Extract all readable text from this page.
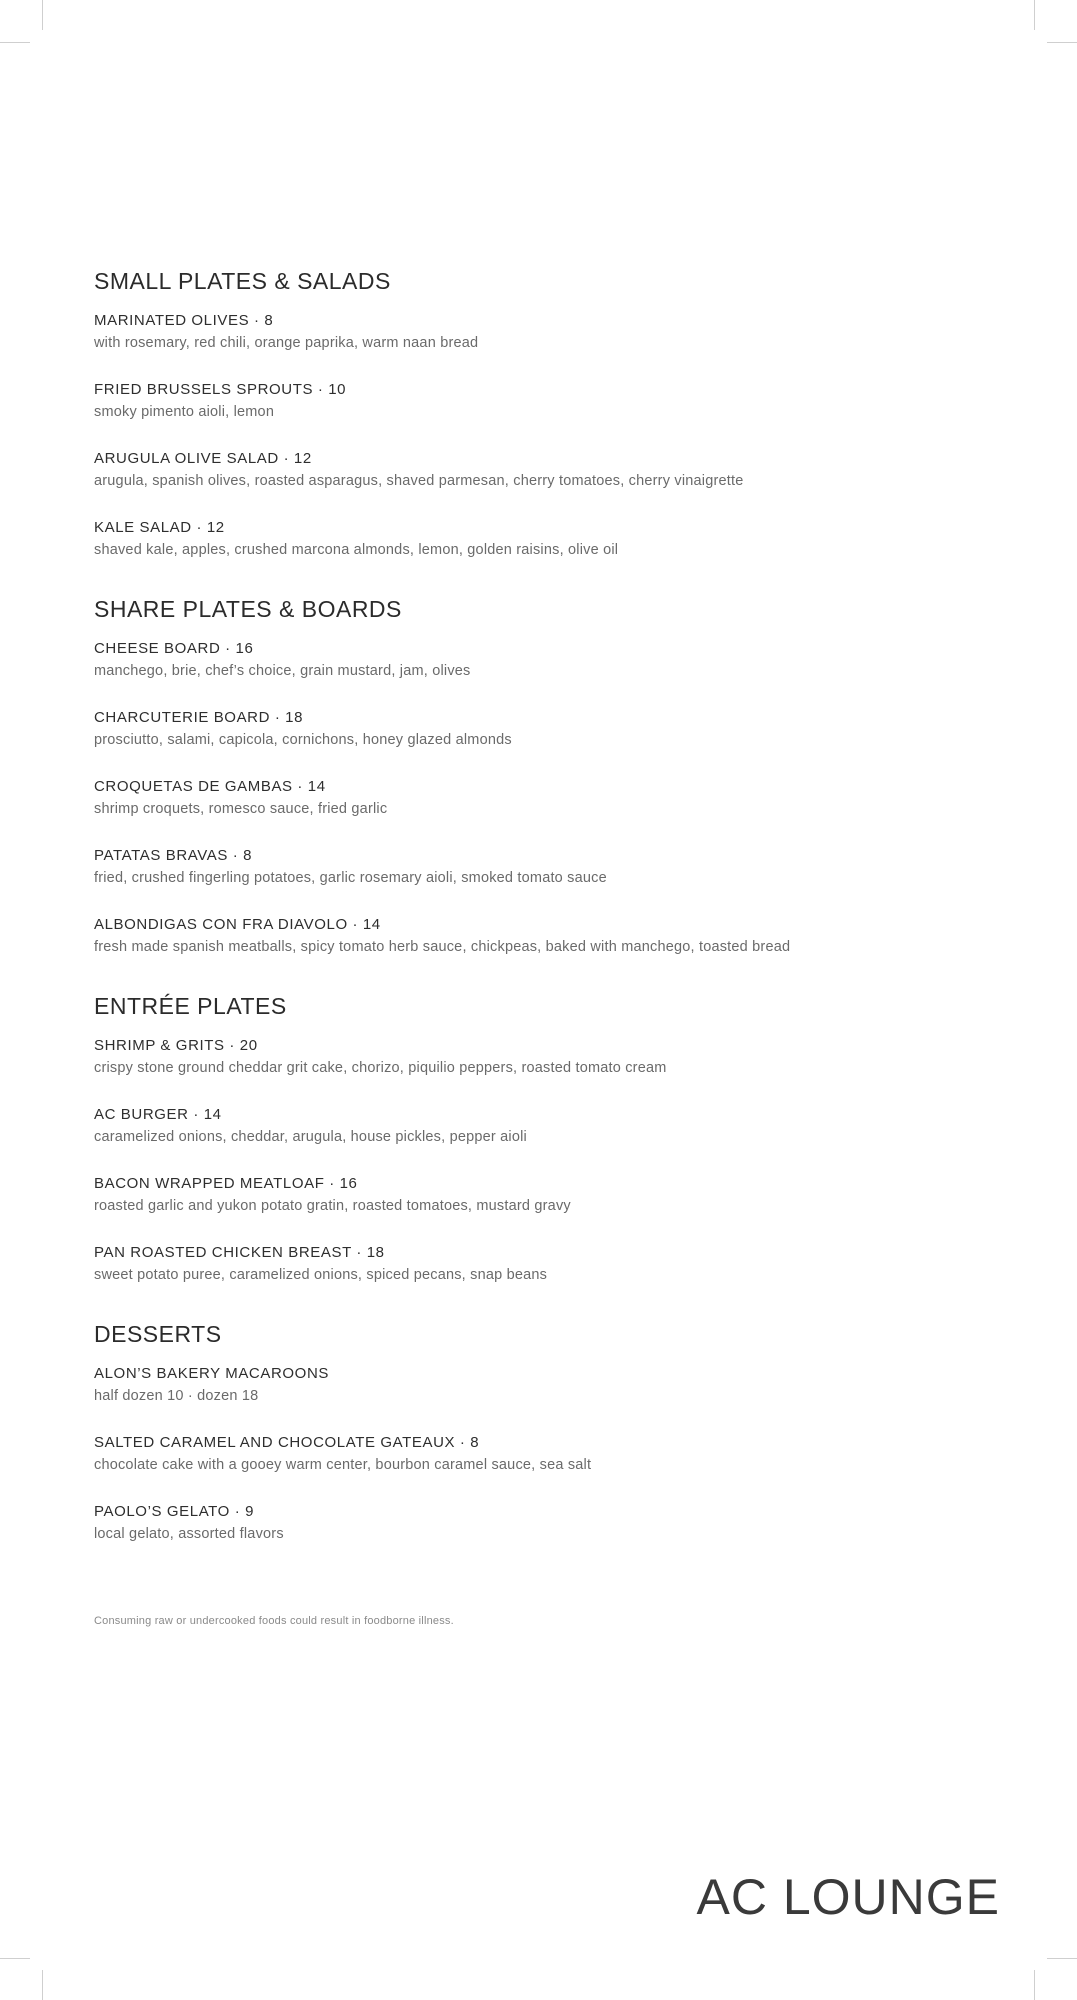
SMALL PLATES & SALADS
MARINATED OLIVES · 8
with rosemary, red chili, orange paprika, warm naan bread
FRIED BRUSSELS SPROUTS · 10
smoky pimento aioli, lemon
ARUGULA OLIVE SALAD · 12
arugula, spanish olives, roasted asparagus, shaved parmesan, cherry tomatoes, cherry vinaigrette
KALE SALAD · 12
shaved kale, apples, crushed marcona almonds, lemon, golden raisins, olive oil
SHARE PLATES & BOARDS
CHEESE BOARD · 16
manchego, brie, chef’s choice, grain mustard, jam, olives
CHARCUTERIE BOARD · 18
prosciutto, salami, capicola, cornichons, honey glazed almonds
CROQUETAS DE GAMBAS · 14
shrimp croquets, romesco sauce, fried garlic
PATATAS BRAVAS · 8
fried, crushed fingerling potatoes, garlic rosemary aioli, smoked tomato sauce
ALBONDIGAS CON FRA DIAVOLO · 14
fresh made spanish meatballs, spicy tomato herb sauce, chickpeas, baked with manchego, toasted bread
ENTRÉE PLATES
SHRIMP & GRITS · 20
crispy stone ground cheddar grit cake, chorizo, piquilio peppers, roasted tomato cream
AC BURGER · 14
caramelized onions, cheddar, arugula, house pickles, pepper aioli
BACON WRAPPED MEATLOAF · 16
roasted garlic and yukon potato gratin, roasted tomatoes, mustard gravy
PAN ROASTED CHICKEN BREAST · 18
sweet potato puree, caramelized onions, spiced pecans, snap beans
DESSERTS
ALON’S BAKERY MACAROONS
half dozen 10 · dozen 18
SALTED CARAMEL AND CHOCOLATE GATEAUX · 8
chocolate cake with a gooey warm center, bourbon caramel sauce, sea salt
PAOLO’S GELATO · 9
local gelato, assorted flavors
Consuming raw or undercooked foods could result in foodborne illness.
AC LOUNGE
